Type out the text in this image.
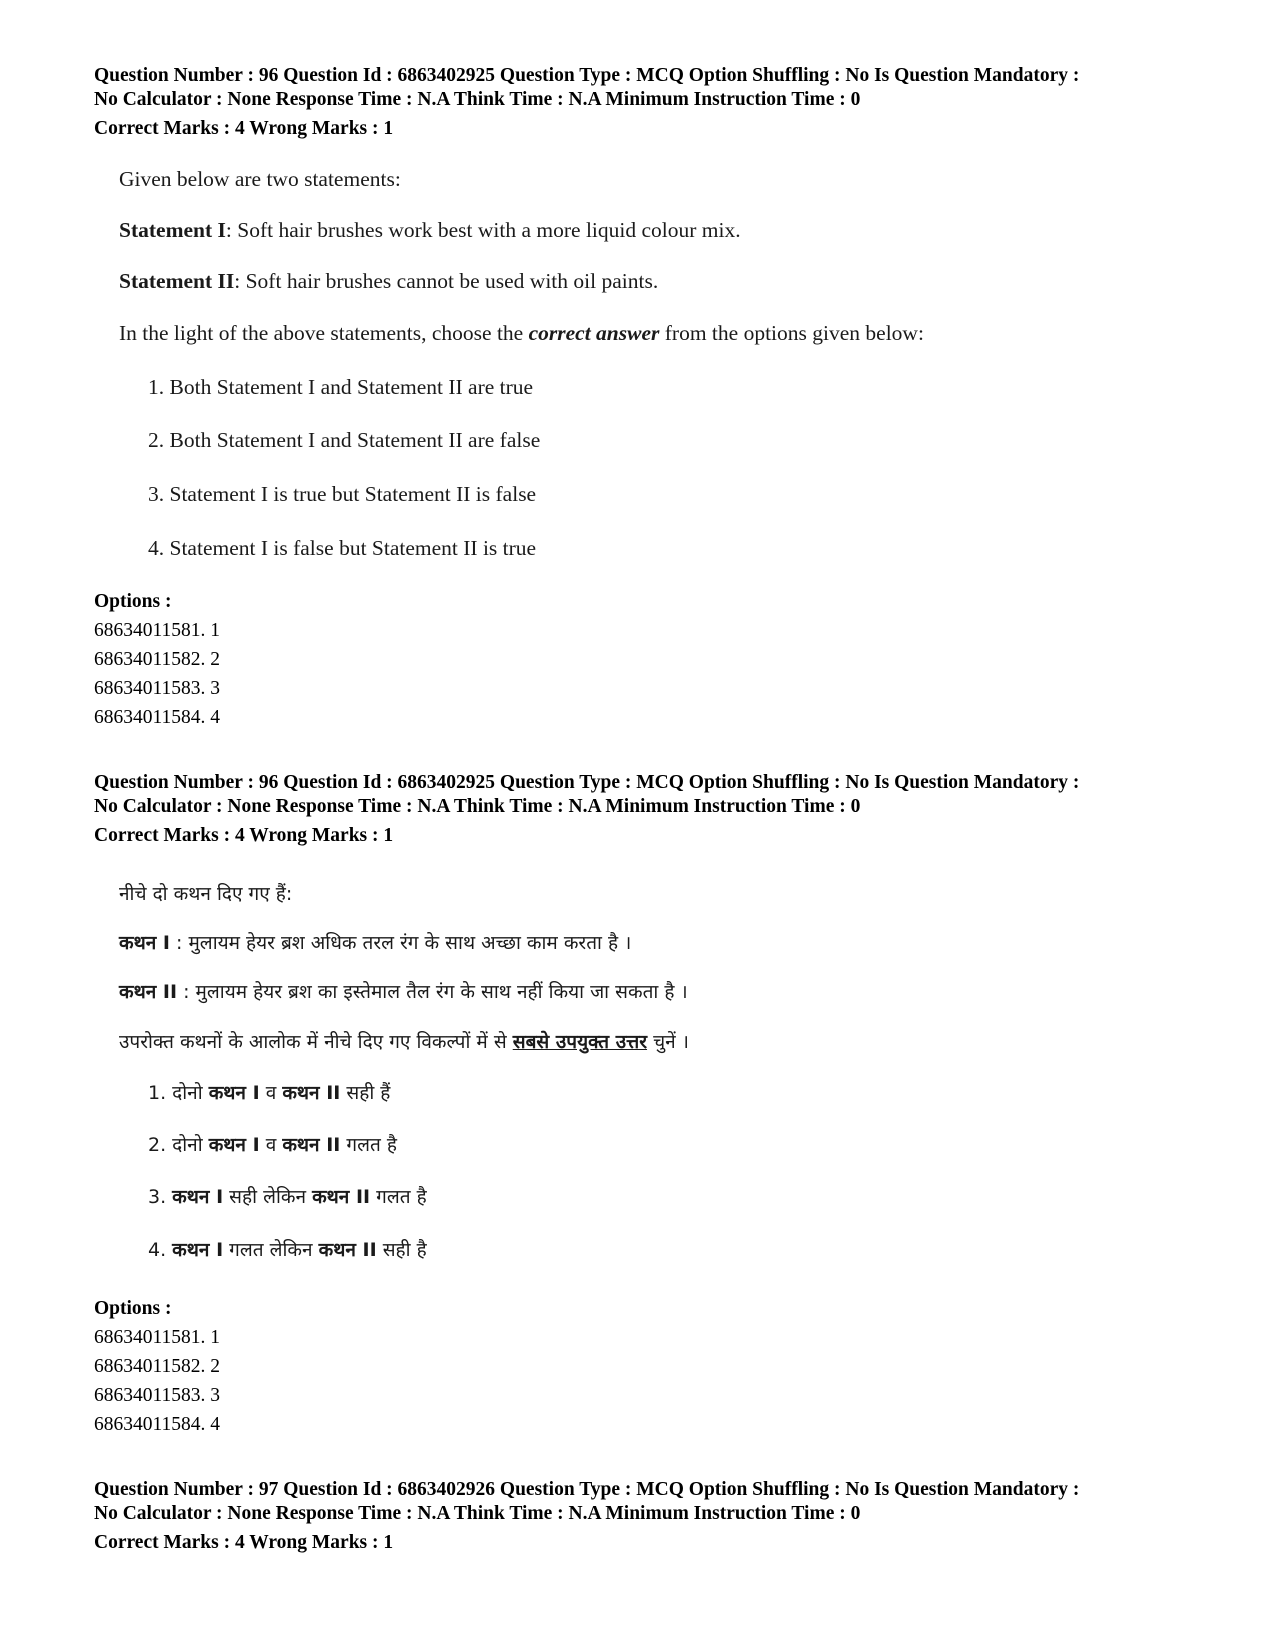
Question Number : 96 Question Id : 6863402925 Question Type : MCQ Option Shuffling : No Is Question Mandatory :
No Calculator : None Response Time : N.A Think Time : N.A Minimum Instruction Time : 0
Correct Marks : 4 Wrong Marks : 1
Given below are two statements:
Statement I: Soft hair brushes work best with a more liquid colour mix.
Statement II: Soft hair brushes cannot be used with oil paints.
In the light of the above statements, choose the correct answer from the options given below:
1. Both Statement I and Statement II are true
2. Both Statement I and Statement II are false
3. Statement I is true but Statement II is false
4. Statement I is false but Statement II is true
Options :
68634011581. 1
68634011582. 2
68634011583. 3
68634011584. 4
Question Number : 96 Question Id : 6863402925 Question Type : MCQ Option Shuffling : No Is Question Mandatory :
No Calculator : None Response Time : N.A Think Time : N.A Minimum Instruction Time : 0
Correct Marks : 4 Wrong Marks : 1
नीचे दो कथन दिए गए हैं:
कथन I : मुलायम हेयर ब्रश अधिक तरल रंग के साथ अच्छा काम करता है ।
कथन II : मुलायम हेयर ब्रश का इस्तेमाल तैल रंग के साथ नहीं किया जा सकता है ।
उपरोक्त कथनों के आलोक में नीचे दिए गए विकल्पों में से सबसे उपयुक्त उत्तर चुनें ।
1. दोनो कथन I व कथन II सही हैं
2. दोनो कथन I व कथन II गलत है
3. कथन I सही लेकिन कथन II गलत है
4. कथन I गलत लेकिन कथन II सही है
Options :
68634011581. 1
68634011582. 2
68634011583. 3
68634011584. 4
Question Number : 97 Question Id : 6863402926 Question Type : MCQ Option Shuffling : No Is Question Mandatory :
No Calculator : None Response Time : N.A Think Time : N.A Minimum Instruction Time : 0
Correct Marks : 4 Wrong Marks : 1
